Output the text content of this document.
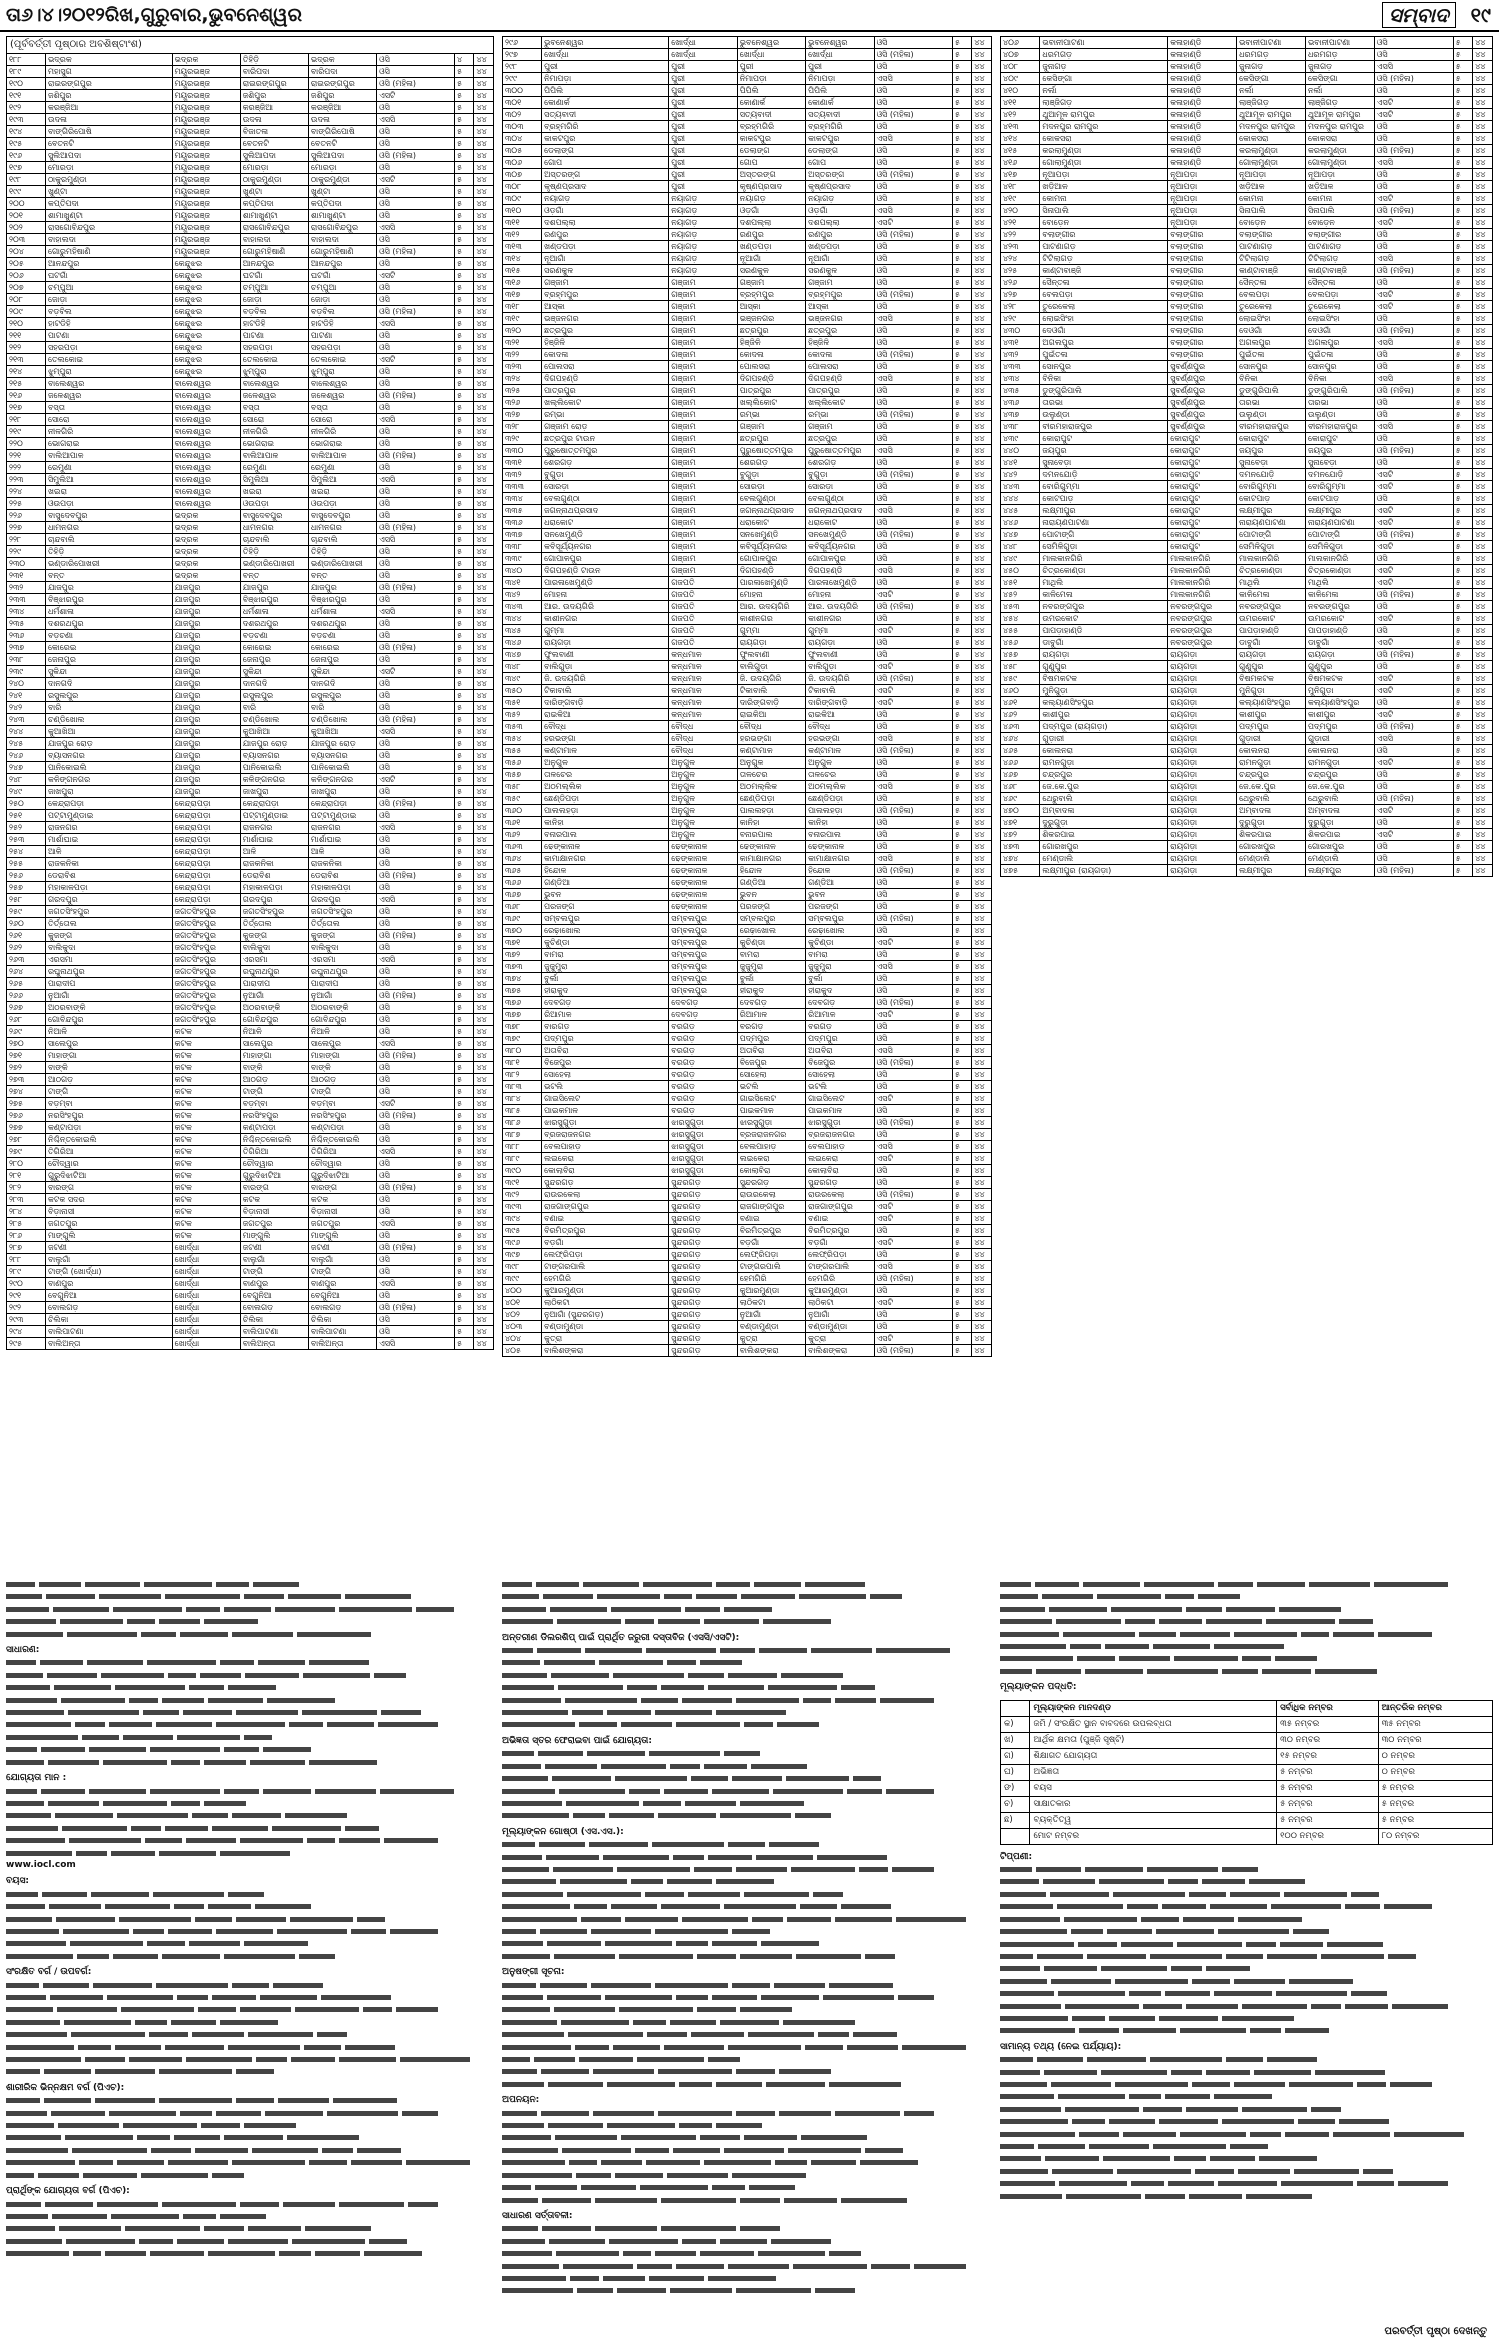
ତା୬।୪।୨୦୧୨ରିଖ,ଗୁରୁବାର,ଭୁବନେଶ୍ୱର	ସମ୍ବାଦ ୧୯
(ପୂର୍ବବର୍ତ୍ତୀ ପୃଷ୍ଠାର ଅବଶିଷ୍ଟାଂଶ)
୧୮୮	ଭଦ୍ରକ	ଭଦ୍ରକ	ତିହିଡ଼ି	ଭଦ୍ରକ	ଓସି	୪	୪୪
୧୮୯	ମହାସୁଗ	ମୟୂରଭଞ୍ଜ	ବାରିପଦା	ବାରିପଦା	ଓସି	୫	୪୪
୧୯୦	ରାଇରଙ୍ଗପୁର	ମୟୂରଭଞ୍ଜ	ରାଇରଙ୍ଗପୁର	ରାଇରଙ୍ଗପୁର	ଓସି (ମହିଳା)	୫	୪୪
୧୯୧	ଜଶିପୁର	ମୟୂରଭଞ୍ଜ	ଜଶିପୁର	ଜଶିପୁର	ଏସଟି	୫	୪୪
୧୯୨	କରଞ୍ଜିଆ	ମୟୂରଭଞ୍ଜ	କରଞ୍ଜିଆ	କରଞ୍ଜିଆ	ଓସି	୫	୪୪
୧୯୩	ଉଦଳା	ମୟୂରଭଞ୍ଜ	ଉଦଳା	ଉଦଳା	ଏସସି	୫	୪୪
୧୯୪	ବାଙ୍ଗିରିପୋଷି	ମୟୂରଭଞ୍ଜ	ବିଜାତଳା	ବାଙ୍ଗିରିପୋଷି	ଓସି	୫	୪୪
୧୯୫	ବେତନଟି	ମୟୂରଭଞ୍ଜ	ବେତନଟି	ବେତନଟି	ଓସି	୫	୪୪
୧୯୬	ସୁଲିଆପଦା	ମୟୂରଭଞ୍ଜ	ସୁଲିଆପଦା	ସୁଲିଆପଦା	ଓସି (ମହିଳା)	୫	୪୪
୧୯୭	ମୋରଡ଼ା	ମୟୂରଭଞ୍ଜ	ମୋରଡ଼ା	ମୋରଡ଼ା	ଓସି	୫	୪୪
୧୯୮	ଠାକୁରମୁଣ୍ଡା	ମୟୂରଭଞ୍ଜ	ଠାକୁରମୁଣ୍ଡା	ଠାକୁରମୁଣ୍ଡା	ଏସଟି	୫	୪୪
୧୯୯	ଖୁଣ୍ଟା	ମୟୂରଭଞ୍ଜ	ଖୁଣ୍ଟା	ଖୁଣ୍ଟା	ଓସି	୫	୪୪
୨୦୦	କପ୍ତିପଦା	ମୟୂରଭଞ୍ଜ	କପ୍ତିପଦା	କପ୍ତିପଦା	ଓସି	୫	୪୪
୨୦୧	ଶାମାଖୁଣ୍ଟା	ମୟୂରଭଞ୍ଜ	ଶାମାଖୁଣ୍ଟା	ଶାମାଖୁଣ୍ଟା	ଓସି	୫	୪୪
୨୦୨	ରାସଗୋବିନ୍ଦପୁର	ମୟୂରଭଞ୍ଜ	ରାସଗୋବିନ୍ଦପୁର	ରାସଗୋବିନ୍ଦପୁର	ଏସସି	୫	୪୪
୨୦୩	ବାହାଲଦା	ମୟୂରଭଞ୍ଜ	ବାହାଲଦା	ବାହାଲଦା	ଓସି	୫	୪୪
୨୦୪	ଗୋରୁମହିଷାଣି	ମୟୂରଭଞ୍ଜ	ଗୋରୁମହିଷାଣି	ଗୋରୁମହିଷାଣି	ଓସି (ମହିଳା)	୫	୪୪
୨୦୫	ଆନନ୍ଦପୁର	କେନ୍ଦୁଝର	ଆନନ୍ଦପୁର	ଆନନ୍ଦପୁର	ଓସି	୫	୪୪
୨୦୬	ଘଟଗାଁ	କେନ୍ଦୁଝର	ଘଟଗାଁ	ଘଟଗାଁ	ଏସଟି	୫	୪୪
୨୦୭	ଚମ୍ପୁଆ	କେନ୍ଦୁଝର	ଚମ୍ପୁଆ	ଚମ୍ପୁଆ	ଓସି	୫	୪୪
୨୦୮	ଜୋଡ଼ା	କେନ୍ଦୁଝର	ଜୋଡ଼ା	ଜୋଡ଼ା	ଓସି	୫	୪୪
୨୦୯	ବଡ଼ବିଲ	କେନ୍ଦୁଝର	ବଡ଼ବିଲ	ବଡ଼ବିଲ	ଓସି (ମହିଳା)	୫	୪୪
୨୧୦	ହାଟଡିହି	କେନ୍ଦୁଝର	ହାଟଡିହି	ହାଟଡିହି	ଏସସି	୫	୪୪
୨୧୧	ପାଟଣା	କେନ୍ଦୁଝର	ପାଟଣା	ପାଟଣା	ଓସି	୫	୪୪
୨୧୨	ସହରପଡ଼ା	କେନ୍ଦୁଝର	ସହରପଡ଼ା	ସହରପଡ଼ା	ଓସି	୫	୪୪
୨୧୩	ତେଲକୋଇ	କେନ୍ଦୁଝର	ତେଲକୋଇ	ତେଲକୋଇ	ଏସଟି	୫	୪୪
୨୧୪	ଝୁମ୍ପୁରା	କେନ୍ଦୁଝର	ଝୁମ୍ପୁରା	ଝୁମ୍ପୁରା	ଓସି	୫	୪୪
୨୧୫	ବାଲେଶ୍ୱର	ବାଲେଶ୍ୱର	ବାଲେଶ୍ୱର	ବାଲେଶ୍ୱର	ଓସି	୫	୪୪
୨୧୬	ଜଳେଶ୍ୱର	ବାଲେଶ୍ୱର	ଜଳେଶ୍ୱର	ଜଳେଶ୍ୱର	ଓସି (ମହିଳା)	୫	୪୪
୨୧୭	ବସ୍ତା	ବାଲେଶ୍ୱର	ବସ୍ତା	ବସ୍ତା	ଓସି	୫	୪୪
୨୧୮	ସୋରୋ	ବାଲେଶ୍ୱର	ସୋରୋ	ସୋରୋ	ଏସସି	୫	୪୪
୨୧୯	ନୀଳଗିରି	ବାଲେଶ୍ୱର	ନୀଳଗିରି	ନୀଳଗିରି	ଓସି	୫	୪୪
୨୨୦	ଭୋଗରାଇ	ବାଲେଶ୍ୱର	ଭୋଗରାଇ	ଭୋଗରାଇ	ଓସି	୫	୪୪
୨୨୧	ବାଲିଆପାଳ	ବାଲେଶ୍ୱର	ବାଲିଆପାଳ	ବାଲିଆପାଳ	ଓସି (ମହିଳା)	୫	୪୪
୨୨୨	ରେମୁଣା	ବାଲେଶ୍ୱର	ରେମୁଣା	ରେମୁଣା	ଓସି	୫	୪୪
୨୨୩	ସିମୁଲିଆ	ବାଲେଶ୍ୱର	ସିମୁଲିଆ	ସିମୁଲିଆ	ଏସସି	୫	୪୪
୨୨୪	ଖଇରା	ବାଲେଶ୍ୱର	ଖଇରା	ଖଇରା	ଓସି	୫	୪୪
୨୨୫	ଓଉପଡ଼ା	ବାଲେଶ୍ୱର	ଓଉପଡ଼ା	ଓଉପଡ଼ା	ଓସି	୫	୪୪
୨୨୬	ବାସୁଦେବପୁର	ଭଦ୍ରକ	ବାସୁଦେବପୁର	ବାସୁଦେବପୁର	ଓସି	୫	୪୪
୨୨୭	ଧାମନଗର	ଭଦ୍ରକ	ଧାମନଗର	ଧାମନଗର	ଓସି (ମହିଳା)	୫	୪୪
୨୨୮	ଚାନ୍ଦବାଲି	ଭଦ୍ରକ	ଚାନ୍ଦବାଲି	ଚାନ୍ଦବାଲି	ଏସସି	୫	୪୪
୨୨୯	ତିହିଡ଼ି	ଭଦ୍ରକ	ତିହିଡ଼ି	ତିହିଡ଼ି	ଓସି	୫	୪୪
୨୩୦	ଭଣ୍ଡାରିପୋଖରୀ	ଭଦ୍ରକ	ଭଣ୍ଡାରିପୋଖରୀ	ଭଣ୍ଡାରିପୋଖରୀ	ଓସି	୫	୪୪
୨୩୧	ବନ୍ତ	ଭଦ୍ରକ	ବନ୍ତ	ବନ୍ତ	ଓସି	୫	୪୪
୨୩୨	ଯାଜପୁର	ଯାଜପୁର	ଯାଜପୁର	ଯାଜପୁର	ଓସି (ମହିଳା)	୫	୪୪
୨୩୩	ବିଞ୍ଝାରପୁର	ଯାଜପୁର	ବିଞ୍ଝାରପୁର	ବିଞ୍ଝାରପୁର	ଓସି	୫	୪୪
୨୩୪	ଧର୍ମଶାଳା	ଯାଜପୁର	ଧର୍ମଶାଳା	ଧର୍ମଶାଳା	ଏସସି	୫	୪୪
୨୩୫	ଦଶରଥପୁର	ଯାଜପୁର	ଦଶରଥପୁର	ଦଶରଥପୁର	ଓସି	୫	୪୪
୨୩୬	ବଡ଼ଚଣା	ଯାଜପୁର	ବଡ଼ଚଣା	ବଡ଼ଚଣା	ଓସି	୫	୪୪
୨୩୭	କୋରେଇ	ଯାଜପୁର	କୋରେଇ	କୋରେଇ	ଓସି (ମହିଳା)	୫	୪୪
୨୩୮	ଜେନାପୁର	ଯାଜପୁର	ଜେନାପୁର	ଜେନାପୁର	ଓସି	୫	୪୪
୨୩୯	ସୁକିନ୍ଦା	ଯାଜପୁର	ସୁକିନ୍ଦା	ସୁକିନ୍ଦା	ଏସଟି	୫	୪୪
୨୪୦	ଦାନଗଦି	ଯାଜପୁର	ଦାନଗଦି	ଦାନଗଦି	ଓସି	୫	୪୪
୨୪୧	ରସୁଲପୁର	ଯାଜପୁର	ରସୁଲପୁର	ରସୁଲପୁର	ଓସି	୫	୪୪
୨୪୨	ବାରି	ଯାଜପୁର	ବାରି	ବାରି	ଓସି	୫	୪୪
୨୪୩	ଚଣ୍ଡିଖୋଲ	ଯାଜପୁର	ଚଣ୍ଡିଖୋଲ	ଚଣ୍ଡିଖୋଲ	ଓସି (ମହିଳା)	୫	୪୪
୨୪୪	କୁଆଖିଆ	ଯାଜପୁର	କୁଆଖିଆ	କୁଆଖିଆ	ଏସସି	୫	୪୪
୨୪୫	ଯାଜପୁର ରୋଡ଼	ଯାଜପୁର	ଯାଜପୁର ରୋଡ଼	ଯାଜପୁର ରୋଡ଼	ଓସି	୫	୪୪
୨୪୬	ବ୍ୟାସନଗର	ଯାଜପୁର	ବ୍ୟାସନଗର	ବ୍ୟାସନଗର	ଓସି	୫	୪୪
୨୪୭	ପାନିକୋଇଲି	ଯାଜପୁର	ପାନିକୋଇଲି	ପାନିକୋଇଲି	ଓସି	୫	୪୪
୨୪୮	କଳିଙ୍ଗନଗର	ଯାଜପୁର	କଳିଙ୍ଗନଗର	କଳିଙ୍ଗନଗର	ଏସଟି	୫	୪୪
୨୪୯	ଜାଖପୁରା	ଯାଜପୁର	ଜାଖପୁରା	ଜାଖପୁରା	ଓସି	୫	୪୪
୨୫୦	କେନ୍ଦ୍ରାପଡ଼ା	କେନ୍ଦ୍ରାପଡ଼ା	କେନ୍ଦ୍ରାପଡ଼ା	କେନ୍ଦ୍ରାପଡ଼ା	ଓସି (ମହିଳା)	୫	୪୪
୨୫୧	ପଟ୍ଟାମୁଣ୍ଡାଇ	କେନ୍ଦ୍ରାପଡ଼ା	ପଟ୍ଟାମୁଣ୍ଡାଇ	ପଟ୍ଟାମୁଣ୍ଡାଇ	ଓସି	୫	୪୪
୨୫୨	ରାଜନଗର	କେନ୍ଦ୍ରାପଡ଼ା	ରାଜନଗର	ରାଜନଗର	ଏସସି	୫	୪୪
୨୫୩	ମାର୍ଶାଘାଇ	କେନ୍ଦ୍ରାପଡ଼ା	ମାର୍ଶାଘାଇ	ମାର୍ଶାଘାଇ	ଓସି	୫	୪୪
୨୫୪	ଆଳି	କେନ୍ଦ୍ରାପଡ଼ା	ଆଳି	ଆଳି	ଓସି	୫	୪୪
୨୫୫	ରାଜକନିକା	କେନ୍ଦ୍ରାପଡ଼ା	ରାଜକନିକା	ରାଜକନିକା	ଓସି	୫	୪୪
୨୫୬	ଡେରାବିଶ	କେନ୍ଦ୍ରାପଡ଼ା	ଡେରାବିଶ	ଡେରାବିଶ	ଓସି (ମହିଳା)	୫	୪୪
୨୫୭	ମହାକାଳପଡ଼ା	କେନ୍ଦ୍ରାପଡ଼ା	ମହାକାଳପଡ଼ା	ମହାକାଳପଡ଼ା	ଓସି	୫	୪୪
୨୫୮	ଗରଦପୁର	କେନ୍ଦ୍ରାପଡ଼ା	ଗରଦପୁର	ଗରଦପୁର	ଏସସି	୫	୪୪
୨୫୯	ଜଗତସିଂହପୁର	ଜଗତସିଂହପୁର	ଜଗତସିଂହପୁର	ଜଗତସିଂହପୁର	ଓସି	୫	୪୪
୨୬୦	ତିର୍ତ୍ତୋଲ	ଜଗତସିଂହପୁର	ତିର୍ତ୍ତୋଲ	ତିର୍ତ୍ତୋଲ	ଓସି	୫	୪୪
୨୬୧	କୁଜଙ୍ଗ	ଜଗତସିଂହପୁର	କୁଜଙ୍ଗ	କୁଜଙ୍ଗ	ଓସି (ମହିଳା)	୫	୪୪
୨୬୨	ବାଲିକୁଦା	ଜଗତସିଂହପୁର	ବାଲିକୁଦା	ବାଲିକୁଦା	ଓସି	୫	୪୪
୨୬୩	ଏରସମା	ଜଗତସିଂହପୁର	ଏରସମା	ଏରସମା	ଏସସି	୫	୪୪
୨୬୪	ରଘୁନାଥପୁର	ଜଗତସିଂହପୁର	ରଘୁନାଥପୁର	ରଘୁନାଥପୁର	ଓସି	୫	୪୪
୨୬୫	ପାରାଦୀପ	ଜଗତସିଂହପୁର	ପାରାଦୀପ	ପାରାଦୀପ	ଓସି	୫	୪୪
୨୬୬	ନୁଆଗାଁ	ଜଗତସିଂହପୁର	ନୁଆଗାଁ	ନୁଆଗାଁ	ଓସି (ମହିଳା)	୫	୪୪
୨୬୭	ଅଠରବାଙ୍କି	ଜଗତସିଂହପୁର	ଅଠରବାଙ୍କି	ଅଠରବାଙ୍କି	ଓସି	୫	୪୪
୨୬୮	ଗୋବିନ୍ଦପୁର	ଜଗତସିଂହପୁର	ଗୋବିନ୍ଦପୁର	ଗୋବିନ୍ଦପୁର	ଓସି	୫	୪୪
୨୬୯	ନିଆଳି	କଟକ	ନିଆଳି	ନିଆଳି	ଓସି	୫	୪୪
୨୭୦	ସାଲେପୁର	କଟକ	ସାଲେପୁର	ସାଲେପୁର	ଏସସି	୫	୪୪
୨୭୧	ମାହାଙ୍ଗା	କଟକ	ମାହାଙ୍ଗା	ମାହାଙ୍ଗା	ଓସି (ମହିଳା)	୫	୪୪
୨୭୨	ବାଙ୍କି	କଟକ	ବାଙ୍କି	ବାଙ୍କି	ଓସି	୫	୪୪
୨୭୩	ଆଠଗଡ଼	କଟକ	ଆଠଗଡ଼	ଆଠଗଡ଼	ଓସି	୫	୪୪
୨୭୪	ଟାଙ୍ଗି	କଟକ	ଟାଙ୍ଗି	ଟାଙ୍ଗି	ଓସି	୫	୪୪
୨୭୫	ବଡ଼ମ୍ବା	କଟକ	ବଡ଼ମ୍ବା	ବଡ଼ମ୍ବା	ଏସଟି	୫	୪୪
୨୭୬	ନରସିଂହପୁର	କଟକ	ନରସିଂହପୁର	ନରସିଂହପୁର	ଓସି (ମହିଳା)	୫	୪୪
୨୭୭	କଣ୍ଟାପଡ଼ା	କଟକ	କଣ୍ଟାପଡ଼ା	କଣ୍ଟାପଡ଼ା	ଓସି	୫	୪୪
୨୭୮	ନିଶ୍ଚିନ୍ତକୋଇଲି	କଟକ	ନିଶ୍ଚିନ୍ତକୋଇଲି	ନିଶ୍ଚିନ୍ତକୋଇଲି	ଓସି	୫	୪୪
୨୭୯	ତିଗିରିଆ	କଟକ	ତିଗିରିଆ	ତିଗିରିଆ	ଏସସି	୫	୪୪
୨୮୦	ଚୌଦ୍ୱାର	କଟକ	ଚୌଦ୍ୱାର	ଚୌଦ୍ୱାର	ଓସି	୫	୪୪
୨୮୧	ଗୁରୁଦିଝାଟିଆ	କଟକ	ଗୁରୁଦିଝାଟିଆ	ଗୁରୁଦିଝାଟିଆ	ଓସି	୫	୪୪
୨୮୨	ବାରଙ୍ଗ	କଟକ	ବାରଙ୍ଗ	ବାରଙ୍ଗ	ଓସି (ମହିଳା)	୫	୪୪
୨୮୩	କଟକ ସଦର	କଟକ	କଟକ	କଟକ	ଓସି	୫	୪୪
୨୮୪	ବିଡ଼ାନାସୀ	କଟକ	ବିଡ଼ାନାସୀ	ବିଡ଼ାନାସୀ	ଓସି	୫	୪୪
୨୮୫	ଜଗତପୁର	କଟକ	ଜଗତପୁର	ଜଗତପୁର	ଏସସି	୫	୪୪
୨୮୬	ମାଙ୍ଗୁଲି	କଟକ	ମାଙ୍ଗୁଲି	ମାଙ୍ଗୁଲି	ଓସି	୫	୪୪
୨୮୭	ଜଟଣୀ	ଖୋର୍ଦ୍ଧା	ଜଟଣୀ	ଜଟଣୀ	ଓସି (ମହିଳା)	୫	୪୪
୨୮୮	ବାଲୁଗାଁ	ଖୋର୍ଦ୍ଧା	ବାଲୁଗାଁ	ବାଲୁଗାଁ	ଓସି	୫	୪୪
୨୮୯	ଟାଙ୍ଗି (ଖୋର୍ଦ୍ଧା)	ଖୋର୍ଦ୍ଧା	ଟାଙ୍ଗି	ଟାଙ୍ଗି	ଓସି	୫	୪୪
୨୯୦	ବାଣପୁର	ଖୋର୍ଦ୍ଧା	ବାଣପୁର	ବାଣପୁର	ଏସସି	୫	୪୪
୨୯୧	ବେଗୁନିଆ	ଖୋର୍ଦ୍ଧା	ବେଗୁନିଆ	ବେଗୁନିଆ	ଓସି	୫	୪୪
୨୯୨	ବୋଲଗଡ଼	ଖୋର୍ଦ୍ଧା	ବୋଲଗଡ଼	ବୋଲଗଡ଼	ଓସି (ମହିଳା)	୫	୪୪
୨୯୩	ଚିଲିକା	ଖୋର୍ଦ୍ଧା	ଚିଲିକା	ଚିଲିକା	ଓସି	୫	୪୪
୨୯୪	ବାଲିପାଟଣା	ଖୋର୍ଦ୍ଧା	ବାଲିପାଟଣା	ବାଲିପାଟଣା	ଓସି	୫	୪୪
୨୯୫	ବାଲିଅନ୍ତା	ଖୋର୍ଦ୍ଧା	ବାଲିଅନ୍ତା	ବାଲିଅନ୍ତା	ଏସସି	୫	୪୪
୨୯୬	ଭୁବନେଶ୍ୱର	ଖୋର୍ଦ୍ଧା	ଭୁବନେଶ୍ୱର	ଭୁବନେଶ୍ୱର	ଓସି	୫	୪୪
୨୯୭	ଖୋର୍ଦ୍ଧା	ଖୋର୍ଦ୍ଧା	ଖୋର୍ଦ୍ଧା	ଖୋର୍ଦ୍ଧା	ଓସି (ମହିଳା)	୫	୪୪
୨୯୮	ପୁରୀ	ପୁରୀ	ପୁରୀ	ପୁରୀ	ଓସି	୫	୪୪
୨୯୯	ନିମାପଡ଼ା	ପୁରୀ	ନିମାପଡ଼ା	ନିମାପଡ଼ା	ଏସସି	୫	୪୪
୩୦୦	ପିପିଲି	ପୁରୀ	ପିପିଲି	ପିପିଲି	ଓସି	୫	୪୪
୩୦୧	କୋଣାର୍କ	ପୁରୀ	କୋଣାର୍କ	କୋଣାର୍କ	ଓସି	୫	୪୪
୩୦୨	ସତ୍ୟବାଦୀ	ପୁରୀ	ସତ୍ୟବାଦୀ	ସତ୍ୟବାଦୀ	ଓସି (ମହିଳା)	୫	୪୪
୩୦୩	ବ୍ରହ୍ମଗିରି	ପୁରୀ	ବ୍ରହ୍ମଗିରି	ବ୍ରହ୍ମଗିରି	ଓସି	୫	୪୪
୩୦୪	କାକଟପୁର	ପୁରୀ	କାକଟପୁର	କାକଟପୁର	ଏସସି	୫	୪୪
୩୦୫	ଡେଲାଙ୍ଗ	ପୁରୀ	ଡେଲାଙ୍ଗ	ଡେଲାଙ୍ଗ	ଓସି	୫	୪୪
୩୦୬	ଗୋପ	ପୁରୀ	ଗୋପ	ଗୋପ	ଓସି	୫	୪୪
୩୦୭	ଅସ୍ତରଙ୍ଗ	ପୁରୀ	ଅସ୍ତରଙ୍ଗ	ଅସ୍ତରଙ୍ଗ	ଓସି (ମହିଳା)	୫	୪୪
୩୦୮	କୃଷ୍ଣପ୍ରସାଦ	ପୁରୀ	କୃଷ୍ଣପ୍ରସାଦ	କୃଷ୍ଣପ୍ରସାଦ	ଓସି	୫	୪୪
୩୦୯	ନୟାଗଡ଼	ନୟାଗଡ଼	ନୟାଗଡ଼	ନୟାଗଡ଼	ଓସି	୫	୪୪
୩୧୦	ଓଡ଼ଗାଁ	ନୟାଗଡ଼	ଓଡ଼ଗାଁ	ଓଡ଼ଗାଁ	ଏସସି	୫	୪୪
୩୧୧	ଦଶପଲ୍ଲା	ନୟାଗଡ଼	ଦଶପଲ୍ଲା	ଦଶପଲ୍ଲା	ଏସଟି	୫	୪୪
୩୧୨	ରଣପୁର	ନୟାଗଡ଼	ରଣପୁର	ରଣପୁର	ଓସି (ମହିଳା)	୫	୪୪
୩୧୩	ଖଣ୍ଡପଡ଼ା	ନୟାଗଡ଼	ଖଣ୍ଡପଡ଼ା	ଖଣ୍ଡପଡ଼ା	ଓସି	୫	୪୪
୩୧୪	ନୂଆଗାଁ	ନୟାଗଡ଼	ନୂଆଗାଁ	ନୂଆଗାଁ	ଓସି	୫	୪୪
୩୧୫	ସରଣକୁଳ	ନୟାଗଡ଼	ସରଣକୁଳ	ସରଣକୁଳ	ଓସି	୫	୪୪
୩୧୬	ଗଞ୍ଜାମ	ଗଞ୍ଜାମ	ଗଞ୍ଜାମ	ଗଞ୍ଜାମ	ଓସି	୫	୪୪
୩୧୭	ବ୍ରହ୍ମପୁର	ଗଞ୍ଜାମ	ବ୍ରହ୍ମପୁର	ବ୍ରହ୍ମପୁର	ଓସି (ମହିଳା)	୫	୪୪
୩୧୮	ଆସ୍କା	ଗଞ୍ଜାମ	ଆସ୍କା	ଆସ୍କା	ଓସି	୫	୪୪
୩୧୯	ଭଞ୍ଜନଗର	ଗଞ୍ଜାମ	ଭଞ୍ଜନଗର	ଭଞ୍ଜନଗର	ଏସସି	୫	୪୪
୩୨୦	ଛତ୍ରପୁର	ଗଞ୍ଜାମ	ଛତ୍ରପୁର	ଛତ୍ରପୁର	ଓସି	୫	୪୪
୩୨୧	ହିଞ୍ଜିଳି	ଗଞ୍ଜାମ	ହିଞ୍ଜିଳି	ହିଞ୍ଜିଳି	ଓସି	୫	୪୪
୩୨୨	କୋଦଳା	ଗଞ୍ଜାମ	କୋଦଳା	କୋଦଳା	ଓସି (ମହିଳା)	୫	୪୪
୩୨୩	ପୋଲସରା	ଗଞ୍ଜାମ	ପୋଲସରା	ପୋଲସରା	ଓସି	୫	୪୪
୩୨୪	ଦିଗପହଣ୍ଡି	ଗଞ୍ଜାମ	ଦିଗପହଣ୍ଡି	ଦିଗପହଣ୍ଡି	ଏସସି	୫	୪୪
୩୨୫	ପାତ୍ରପୁର	ଗଞ୍ଜାମ	ପାତ୍ରପୁର	ପାତ୍ରପୁର	ଓସି	୫	୪୪
୩୨୬	ଖଲ୍ଲିକୋଟ	ଗଞ୍ଜାମ	ଖଲ୍ଲିକୋଟ	ଖଲ୍ଲିକୋଟ	ଓସି	୫	୪୪
୩୨୭	ରମ୍ଭା	ଗଞ୍ଜାମ	ରମ୍ଭା	ରମ୍ଭା	ଓସି (ମହିଳା)	୫	୪୪
୩୨୮	ଗଞ୍ଜାମ ରୋଡ଼	ଗଞ୍ଜାମ	ଗଞ୍ଜାମ	ଗଞ୍ଜାମ	ଓସି	୫	୪୪
୩୨୯	ଛତ୍ରପୁର ଟାଉନ	ଗଞ୍ଜାମ	ଛତ୍ରପୁର	ଛତ୍ରପୁର	ଓସି	୫	୪୪
୩୩୦	ପୁରୁଷୋତ୍ତମପୁର	ଗଞ୍ଜାମ	ପୁରୁଷୋତ୍ତମପୁର	ପୁରୁଷୋତ୍ତମପୁର	ଏସସି	୫	୪୪
୩୩୧	ଶେରଗଡ଼	ଗଞ୍ଜାମ	ଶେରଗଡ଼	ଶେରଗଡ଼	ଓସି	୫	୪୪
୩୩୨	ବୁଗୁଡ଼ା	ଗଞ୍ଜାମ	ବୁଗୁଡ଼ା	ବୁଗୁଡ଼ା	ଓସି (ମହିଳା)	୫	୪୪
୩୩୩	ସୋରଡ଼ା	ଗଞ୍ଜାମ	ସୋରଡ଼ା	ସୋରଡ଼ା	ଓସି	୫	୪୪
୩୩୪	ବେଲଗୁଣ୍ଠା	ଗଞ୍ଜାମ	ବେଲଗୁଣ୍ଠା	ବେଲଗୁଣ୍ଠା	ଓସି	୫	୪୪
୩୩୫	ଜଗନ୍ନାଥପ୍ରସାଦ	ଗଞ୍ଜାମ	ଜଗନ୍ନାଥପ୍ରସାଦ	ଜଗନ୍ନାଥପ୍ରସାଦ	ଏସସି	୫	୪୪
୩୩୬	ଧରାକୋଟ	ଗଞ୍ଜାମ	ଧରାକୋଟ	ଧରାକୋଟ	ଓସି	୫	୪୪
୩୩୭	ସନଖେମୁଣ୍ଡି	ଗଞ୍ଜାମ	ସନଖେମୁଣ୍ଡି	ସନଖେମୁଣ୍ଡି	ଓସି (ମହିଳା)	୫	୪୪
୩୩୮	କବିସୂର୍ଯ୍ୟନଗର	ଗଞ୍ଜାମ	କବିସୂର୍ଯ୍ୟନଗର	କବିସୂର୍ଯ୍ୟନଗର	ଓସି	୫	୪୪
୩୩୯	ଗୋପାଳପୁର	ଗଞ୍ଜାମ	ଗୋପାଳପୁର	ଗୋପାଳପୁର	ଓସି	୫	୪୪
୩୪୦	ଦିଗପହଣ୍ଡି ଟାଉନ	ଗଞ୍ଜାମ	ଦିଗପହଣ୍ଡି	ଦିଗପହଣ୍ଡି	ଏସସି	୫	୪୪
୩୪୧	ପାରଳାଖେମୁଣ୍ଡି	ଗଜପତି	ପାରଳାଖେମୁଣ୍ଡି	ପାରଳାଖେମୁଣ୍ଡି	ଓସି	୫	୪୪
୩୪୨	ମୋହନା	ଗଜପତି	ମୋହନା	ମୋହନା	ଏସଟି	୫	୪୪
୩୪୩	ଆର. ଉଦୟଗିରି	ଗଜପତି	ଆର. ଉଦୟଗିରି	ଆର. ଉଦୟଗିରି	ଓସି (ମହିଳା)	୫	୪୪
୩୪୪	କାଶୀନଗର	ଗଜପତି	କାଶୀନଗର	କାଶୀନଗର	ଓସି	୫	୪୪
୩୪୫	ଗୁମ୍ମା	ଗଜପତି	ଗୁମ୍ମା	ଗୁମ୍ମା	ଏସଟି	୫	୪୪
୩୪୬	ରାୟଗଡ଼ା	ଗଜପତି	ରାୟଗଡ଼ା	ରାୟଗଡ଼ା	ଓସି	୫	୪୪
୩୪୭	ଫୁଲବାଣୀ	କନ୍ଧମାଳ	ଫୁଲବାଣୀ	ଫୁଲବାଣୀ	ଓସି	୫	୪୪
୩୪୮	ବାଲିଗୁଡ଼ା	କନ୍ଧମାଳ	ବାଲିଗୁଡ଼ା	ବାଲିଗୁଡ଼ା	ଏସଟି	୫	୪୪
୩୪୯	ଜି. ଉଦୟଗିରି	କନ୍ଧମାଳ	ଜି. ଉଦୟଗିରି	ଜି. ଉଦୟଗିରି	ଓସି (ମହିଳା)	୫	୪୪
୩୫୦	ଟିକାବାଲି	କନ୍ଧମାଳ	ଟିକାବାଲି	ଟିକାବାଲି	ଏସଟି	୫	୪୪
୩୫୧	ଦାରିଙ୍ଗବାଡ଼ି	କନ୍ଧମାଳ	ଦାରିଙ୍ଗବାଡ଼ି	ଦାରିଙ୍ଗବାଡ଼ି	ଏସଟି	୫	୪୪
୩୫୨	ରାଇକିଆ	କନ୍ଧମାଳ	ରାଇକିଆ	ରାଇକିଆ	ଓସି	୫	୪୪
୩୫୩	ବୌଦ୍ଧ	ବୌଦ୍ଧ	ବୌଦ୍ଧ	ବୌଦ୍ଧ	ଓସି	୫	୪୪
୩୫୪	ହରଭଙ୍ଗା	ବୌଦ୍ଧ	ହରଭଙ୍ଗା	ହରଭଙ୍ଗା	ଏସସି	୫	୪୪
୩୫୫	କଣ୍ଟାମାଳ	ବୌଦ୍ଧ	କଣ୍ଟାମାଳ	କଣ୍ଟାମାଳ	ଓସି (ମହିଳା)	୫	୪୪
୩୫୬	ଅନୁଗୁଳ	ଅନୁଗୁଳ	ଅନୁଗୁଳ	ଅନୁଗୁଳ	ଓସି	୫	୪୪
୩୫୭	ତାଳଚେର	ଅନୁଗୁଳ	ତାଳଚେର	ତାଳଚେର	ଓସି	୫	୪୪
୩୫୮	ଅଠମଲ୍ଲିକ	ଅନୁଗୁଳ	ଅଠମଲ୍ଲିକ	ଅଠମଲ୍ଲିକ	ଏସସି	୫	୪୪
୩୫୯	ଛେଣ୍ଡିପଡ଼ା	ଅନୁଗୁଳ	ଛେଣ୍ଡିପଡ଼ା	ଛେଣ୍ଡିପଡ଼ା	ଓସି	୫	୪୪
୩୬୦	ପାଲଲହଡ଼ା	ଅନୁଗୁଳ	ପାଲଲହଡ଼ା	ପାଲଲହଡ଼ା	ଓସି (ମହିଳା)	୫	୪୪
୩୬୧	କାନିହା	ଅନୁଗୁଳ	କାନିହା	କାନିହା	ଓସି	୫	୪୪
୩୬୨	ବନାରପାଲ	ଅନୁଗୁଳ	ବନାରପାଲ	ବନାରପାଲ	ଓସି	୫	୪୪
୩୬୩	ଢେଙ୍କାନାଳ	ଢେଙ୍କାନାଳ	ଢେଙ୍କାନାଳ	ଢେଙ୍କାନାଳ	ଓସି	୫	୪୪
୩୬୪	କାମାକ୍ଷାନଗର	ଢେଙ୍କାନାଳ	କାମାକ୍ଷାନଗର	କାମାକ୍ଷାନଗର	ଏସସି	୫	୪୪
୩୬୫	ହିନ୍ଦୋଳ	ଢେଙ୍କାନାଳ	ହିନ୍ଦୋଳ	ହିନ୍ଦୋଳ	ଓସି (ମହିଳା)	୫	୪୪
୩୬୬	ଗଣ୍ଡିଆ	ଢେଙ୍କାନାଳ	ଗଣ୍ଡିଆ	ଗଣ୍ଡିଆ	ଓସି	୫	୪୪
୩୬୭	ଭୁବନ	ଢେଙ୍କାନାଳ	ଭୁବନ	ଭୁବନ	ଓସି	୫	୪୪
୩୬୮	ପରଜଙ୍ଗ	ଢେଙ୍କାନାଳ	ପରଜଙ୍ଗ	ପରଜଙ୍ଗ	ଓସି	୫	୪୪
୩୬୯	ସମ୍ବଲପୁର	ସମ୍ବଲପୁର	ସମ୍ବଲପୁର	ସମ୍ବଲପୁର	ଓସି (ମହିଳା)	୫	୪୪
୩୭୦	ରେଢ଼ାଖୋଲ	ସମ୍ବଲପୁର	ରେଢ଼ାଖୋଲ	ରେଢ଼ାଖୋଲ	ଓସି	୫	୪୪
୩୭୧	କୁଚିଣ୍ଡା	ସମ୍ବଲପୁର	କୁଚିଣ୍ଡା	କୁଚିଣ୍ଡା	ଏସଟି	୫	୪୪
୩୭୨	ବାମରା	ସମ୍ବଲପୁର	ବାମରା	ବାମରା	ଓସି	୫	୪୪
୩୭୩	ଜୁଜୁମୁରା	ସମ୍ବଲପୁର	ଜୁଜୁମୁରା	ଜୁଜୁମୁରା	ଏସସି	୫	୪୪
୩୭୪	ବୁର୍ଲା	ସମ୍ବଲପୁର	ବୁର୍ଲା	ବୁର୍ଲା	ଓସି	୫	୪୪
୩୭୫	ହୀରାକୁଦ	ସମ୍ବଲପୁର	ହୀରାକୁଦ	ହୀରାକୁଦ	ଓସି	୫	୪୪
୩୭୬	ଦେବଗଡ଼	ଦେବଗଡ଼	ଦେବଗଡ଼	ଦେବଗଡ଼	ଓସି (ମହିଳା)	୫	୪୪
୩୭୭	ରିଆମାଳ	ଦେବଗଡ଼	ରିଆମାଳ	ରିଆମାଳ	ଏସଟି	୫	୪୪
୩୭୮	ବାରଗଡ଼	ବରଗଡ଼	ବରଗଡ଼	ବରଗଡ଼	ଓସି	୫	୪୪
୩୭୯	ପଦ୍ମପୁର	ବରଗଡ଼	ପଦ୍ମପୁର	ପଦ୍ମପୁର	ଓସି	୫	୪୪
୩୮୦	ଅତାବିରା	ବରଗଡ଼	ଅତାବିରା	ଅତାବିରା	ଏସସି	୫	୪୪
୩୮୧	ବିଜେପୁର	ବରଗଡ଼	ବିଜେପୁର	ବିଜେପୁର	ଓସି (ମହିଳା)	୫	୪୪
୩୮୨	ସୋହେଲା	ବରଗଡ଼	ସୋହେଲା	ସୋହେଲା	ଓସି	୫	୪୪
୩୮୩	ଭଟଲି	ବରଗଡ଼	ଭଟଲି	ଭଟଲି	ଓସି	୫	୪୪
୩୮୪	ଗାଇସିଲେଟ	ବରଗଡ଼	ଗାଇସିଲେଟ	ଗାଇସିଲେଟ	ଏସଟି	୫	୪୪
୩୮୫	ପାଇକମାଳ	ବରଗଡ଼	ପାଇକମାଳ	ପାଇକମାଳ	ଓସି	୫	୪୪
୩୮୬	ଝାରସୁଗୁଡ଼ା	ଝାରସୁଗୁଡ଼ା	ଝାରସୁଗୁଡ଼ା	ଝାରସୁଗୁଡ଼ା	ଓସି (ମହିଳା)	୫	୪୪
୩୮୭	ବ୍ରଜରାଜନଗର	ଝାରସୁଗୁଡ଼ା	ବ୍ରଜରାଜନଗର	ବ୍ରଜରାଜନଗର	ଓସି	୫	୪୪
୩୮୮	ବେଲପାହାଡ଼	ଝାରସୁଗୁଡ଼ା	ବେଲପାହାଡ଼	ବେଲପାହାଡ଼	ଏସସି	୫	୪୪
୩୮୯	ଲଇକେରା	ଝାରସୁଗୁଡ଼ା	ଲଇକେରା	ଲଇକେରା	ଏସଟି	୫	୪୪
୩୯୦	କୋଲାବିରା	ଝାରସୁଗୁଡ଼ା	କୋଲାବିରା	କୋଲାବିରା	ଓସି	୫	୪୪
୩୯୧	ସୁନ୍ଦରଗଡ଼	ସୁନ୍ଦରଗଡ଼	ସୁନ୍ଦରଗଡ଼	ସୁନ୍ଦରଗଡ଼	ଓସି	୫	୪୪
୩୯୨	ରାଉରକେଲା	ସୁନ୍ଦରଗଡ଼	ରାଉରକେଲା	ରାଉରକେଲା	ଓସି (ମହିଳା)	୫	୪୪
୩୯୩	ରାଜଗାଙ୍ଗପୁର	ସୁନ୍ଦରଗଡ଼	ରାଜଗାଙ୍ଗପୁର	ରାଜଗାଙ୍ଗପୁର	ଏସଟି	୫	୪୪
୩୯୪	ବଣାଇ	ସୁନ୍ଦରଗଡ଼	ବଣାଇ	ବଣାଇ	ଏସଟି	୫	୪୪
୩୯୫	ବିରମିତ୍ରପୁର	ସୁନ୍ଦରଗଡ଼	ବିରମିତ୍ରପୁର	ବିରମିତ୍ରପୁର	ଓସି	୫	୪୪
୩୯୬	ବଡ଼ଗାଁ	ସୁନ୍ଦରଗଡ଼	ବଡ଼ଗାଁ	ବଡ଼ଗାଁ	ଏସଟି	୫	୪୪
୩୯୭	ଲେଫ୍ରିପଡ଼ା	ସୁନ୍ଦରଗଡ଼	ଲେଫ୍ରିପଡ଼ା	ଲେଫ୍ରିପଡ଼ା	ଓସି	୫	୪୪
୩୯୮	ଟାଙ୍ଗରପାଲି	ସୁନ୍ଦରଗଡ଼	ଟାଙ୍ଗରପାଲି	ଟାଙ୍ଗରପାଲି	ଏସସି	୫	୪୪
୩୯୯	ହେମଗିରି	ସୁନ୍ଦରଗଡ଼	ହେମଗିରି	ହେମଗିରି	ଓସି (ମହିଳା)	୫	୪୪
୪୦୦	କୁଆରମୁଣ୍ଡା	ସୁନ୍ଦରଗଡ଼	କୁଆରମୁଣ୍ଡା	କୁଆରମୁଣ୍ଡା	ଓସି	୫	୪୪
୪୦୧	ଲାଠିକଟା	ସୁନ୍ଦରଗଡ଼	ଲାଠିକଟା	ଲାଠିକଟା	ଏସଟି	୫	୪୪
୪୦୨	ନୁଆଗାଁ (ସୁନ୍ଦରଗଡ଼)	ସୁନ୍ଦରଗଡ଼	ନୁଆଗାଁ	ନୁଆଗାଁ	ଓସି	୫	୪୪
୪୦୩	ବଣ୍ଡାମୁଣ୍ଡା	ସୁନ୍ଦରଗଡ଼	ବଣ୍ଡାମୁଣ୍ଡା	ବଣ୍ଡାମୁଣ୍ଡା	ଓସି	୫	୪୪
୪୦୪	କୁତ୍ରା	ସୁନ୍ଦରଗଡ଼	କୁତ୍ରା	କୁତ୍ରା	ଏସଟି	୫	୪୪
୪୦୫	ବାଲିଶଙ୍କରା	ସୁନ୍ଦରଗଡ଼	ବାଲିଶଙ୍କରା	ବାଲିଶଙ୍କରା	ଓସି (ମହିଳା)	୫	୪୪
୪୦୬	ଭବାନୀପାଟଣା	କଳାହାଣ୍ଡି	ଭବାନୀପାଟଣା	ଭବାନୀପାଟଣା	ଓସି	୫	୪୪
୪୦୭	ଧରମଗଡ଼	କଳାହାଣ୍ଡି	ଧରମଗଡ଼	ଧରମଗଡ଼	ଓସି	୫	୪୪
୪୦୮	ଜୁନାଗଡ଼	କଳାହାଣ୍ଡି	ଜୁନାଗଡ଼	ଜୁନାଗଡ଼	ଏସସି	୫	୪୪
୪୦୯	କେସିଙ୍ଗା	କଳାହାଣ୍ଡି	କେସିଙ୍ଗା	କେସିଙ୍ଗା	ଓସି (ମହିଳା)	୫	୪୪
୪୧୦	ନର୍ଲା	କଳାହାଣ୍ଡି	ନର୍ଲା	ନର୍ଲା	ଓସି	୫	୪୪
୪୧୧	ଲାଞ୍ଜିଗଡ଼	କଳାହାଣ୍ଡି	ଲାଞ୍ଜିଗଡ଼	ଲାଞ୍ଜିଗଡ଼	ଏସଟି	୫	୪୪
୪୧୨	ଥୁଆମୂଳ ରାମପୁର	କଳାହାଣ୍ଡି	ଥୁଆମୂଳ ରାମପୁର	ଥୁଆମୂଳ ରାମପୁର	ଏସଟି	୫	୪୪
୪୧୩	ମଦନପୁର ରାମପୁର	କଳାହାଣ୍ଡି	ମଦନପୁର ରାମପୁର	ମଦନପୁର ରାମପୁର	ଓସି	୫	୪୪
୪୧୪	କୋକସରା	କଳାହାଣ୍ଡି	କୋକସରା	କୋକସରା	ଓସି	୫	୪୪
୪୧୫	କରଲାମୁଣ୍ଡା	କଳାହାଣ୍ଡି	କରଲାମୁଣ୍ଡା	କରଲାମୁଣ୍ଡା	ଓସି (ମହିଳା)	୫	୪୪
୪୧୬	ଗୋଲାମୁଣ୍ଡା	କଳାହାଣ୍ଡି	ଗୋଲାମୁଣ୍ଡା	ଗୋଲାମୁଣ୍ଡା	ଏସସି	୫	୪୪
୪୧୭	ନୂଆପଡ଼ା	ନୂଆପଡ଼ା	ନୂଆପଡ଼ା	ନୂଆପଡ଼ା	ଓସି	୫	୪୪
୪୧୮	ଖଡ଼ିଆଳ	ନୂଆପଡ଼ା	ଖଡ଼ିଆଳ	ଖଡ଼ିଆଳ	ଓସି	୫	୪୪
୪୧୯	କୋମନା	ନୂଆପଡ଼ା	କୋମନା	କୋମନା	ଏସଟି	୫	୪୪
୪୨୦	ସିନାପାଲି	ନୂଆପଡ଼ା	ସିନାପାଲି	ସିନାପାଲି	ଓସି (ମହିଳା)	୫	୪୪
୪୨୧	ବୋଡ଼େନ	ନୂଆପଡ଼ା	ବୋଡ଼େନ	ବୋଡ଼େନ	ଏସଟି	୫	୪୪
୪୨୨	ବଲାଙ୍ଗୀର	ବଲାଙ୍ଗୀର	ବଲାଙ୍ଗୀର	ବଲାଙ୍ଗୀର	ଓସି	୫	୪୪
୪୨୩	ପାଟଣାଗଡ଼	ବଲାଙ୍ଗୀର	ପାଟଣାଗଡ଼	ପାଟଣାଗଡ଼	ଓସି	୫	୪୪
୪୨୪	ଟିଟିଲାଗଡ଼	ବଲାଙ୍ଗୀର	ଟିଟିଲାଗଡ଼	ଟିଟିଲାଗଡ଼	ଏସସି	୫	୪୪
୪୨୫	କାଣ୍ଟାବାଞ୍ଜି	ବଲାଙ୍ଗୀର	କାଣ୍ଟାବାଞ୍ଜି	କାଣ୍ଟାବାଞ୍ଜି	ଓସି (ମହିଳା)	୫	୪୪
୪୨୬	ସୈନ୍ତଳା	ବଲାଙ୍ଗୀର	ସୈନ୍ତଳା	ସୈନ୍ତଳା	ଓସି	୫	୪୪
୪୨୭	ବେଲପଡ଼ା	ବଲାଙ୍ଗୀର	ବେଲପଡ଼ା	ବେଲପଡ଼ା	ଏସଟି	୫	୪୪
୪୨୮	ତୁରେକେଲା	ବଲାଙ୍ଗୀର	ତୁରେକେଲା	ତୁରେକେଲା	ଏସଟି	୫	୪୪
୪୨୯	ଲୋଇସିଂହା	ବଲାଙ୍ଗୀର	ଲୋଇସିଂହା	ଲୋଇସିଂହା	ଓସି	୫	୪୪
୪୩୦	ଦେଓଗାଁ	ବଲାଙ୍ଗୀର	ଦେଓଗାଁ	ଦେଓଗାଁ	ଓସି (ମହିଳା)	୫	୪୪
୪୩୧	ଅଗଲପୁର	ବଲାଙ୍ଗୀର	ଅଗଲପୁର	ଅଗଲପୁର	ଏସସି	୫	୪୪
୪୩୨	ପୁଇଁତଳା	ବଲାଙ୍ଗୀର	ପୁଇଁତଳା	ପୁଇଁତଳା	ଓସି	୫	୪୪
୪୩୩	ସୋନପୁର	ସୁବର୍ଣ୍ଣପୁର	ସୋନପୁର	ସୋନପୁର	ଓସି	୫	୪୪
୪୩୪	ବିନିକା	ସୁବର୍ଣ୍ଣପୁର	ବିନିକା	ବିନିକା	ଏସସି	୫	୪୪
୪୩୫	ଡୁଙ୍ଗୁରିପାଲି	ସୁବର୍ଣ୍ଣପୁର	ଡୁଙ୍ଗୁରିପାଲି	ଡୁଙ୍ଗୁରିପାଲି	ଓସି (ମହିଳା)	୫	୪୪
୪୩୬	ତାରଭା	ସୁବର୍ଣ୍ଣପୁର	ତାରଭା	ତାରଭା	ଓସି	୫	୪୪
୪୩୭	ଉଲୁଣ୍ଡା	ସୁବର୍ଣ୍ଣପୁର	ଉଲୁଣ୍ଡା	ଉଲୁଣ୍ଡା	ଓସି	୫	୪୪
୪୩୮	ବୀରମହାରାଜପୁର	ସୁବର୍ଣ୍ଣପୁର	ବୀରମହାରାଜପୁର	ବୀରମହାରାଜପୁର	ଏସସି	୫	୪୪
୪୩୯	କୋରାପୁଟ	କୋରାପୁଟ	କୋରାପୁଟ	କୋରାପୁଟ	ଓସି	୫	୪୪
୪୪୦	ଜୟପୁର	କୋରାପୁଟ	ଜୟପୁର	ଜୟପୁର	ଓସି (ମହିଳା)	୫	୪୪
୪୪୧	ସୁନାବେଡ଼ା	କୋରାପୁଟ	ସୁନାବେଡ଼ା	ସୁନାବେଡ଼ା	ଓସି	୫	୪୪
୪୪୨	ଦମନଯୋଡ଼ି	କୋରାପୁଟ	ଦମନଯୋଡ଼ି	ଦମନଯୋଡ଼ି	ଏସଟି	୫	୪୪
୪୪୩	ବୋରିଗୁମ୍ମା	କୋରାପୁଟ	ବୋରିଗୁମ୍ମା	ବୋରିଗୁମ୍ମା	ଏସଟି	୫	୪୪
୪୪୪	କୋଟପାଡ଼	କୋରାପୁଟ	କୋଟପାଡ଼	କୋଟପାଡ଼	ଓସି	୫	୪୪
୪୪୫	ଲକ୍ଷ୍ମୀପୁର	କୋରାପୁଟ	ଲକ୍ଷ୍ମୀପୁର	ଲକ୍ଷ୍ମୀପୁର	ଏସଟି	୫	୪୪
୪୪୬	ନାରାୟଣପାଟଣା	କୋରାପୁଟ	ନାରାୟଣପାଟଣା	ନାରାୟଣପାଟଣା	ଏସଟି	୫	୪୪
୪୪୭	ପୋଟାଙ୍ଗି	କୋରାପୁଟ	ପୋଟାଙ୍ଗି	ପୋଟାଙ୍ଗି	ଓସି (ମହିଳା)	୫	୪୪
୪୪୮	ସେମିଳିଗୁଡ଼ା	କୋରାପୁଟ	ସେମିଳିଗୁଡ଼ା	ସେମିଳିଗୁଡ଼ା	ଏସଟି	୫	୪୪
୪୪୯	ମାଲକାନଗିରି	ମାଲକାନଗିରି	ମାଲକାନଗିରି	ମାଲକାନଗିରି	ଓସି	୫	୪୪
୪୫୦	ଚିତ୍ରକୋଣ୍ଡା	ମାଲକାନଗିରି	ଚିତ୍ରକୋଣ୍ଡା	ଚିତ୍ରକୋଣ୍ଡା	ଏସଟି	୫	୪୪
୪୫୧	ମାଥିଲି	ମାଲକାନଗିରି	ମାଥିଲି	ମାଥିଲି	ଏସଟି	୫	୪୪
୪୫୨	କାଳିମେଳା	ମାଲକାନଗିରି	କାଳିମେଳା	କାଳିମେଳା	ଓସି (ମହିଳା)	୫	୪୪
୪୫୩	ନବରଙ୍ଗପୁର	ନବରଙ୍ଗପୁର	ନବରଙ୍ଗପୁର	ନବରଙ୍ଗପୁର	ଓସି	୫	୪୪
୪୫୪	ଉମରକୋଟ	ନବରଙ୍ଗପୁର	ଉମରକୋଟ	ଉମରକୋଟ	ଏସଟି	୫	୪୪
୪୫୫	ପାପଡ଼ାହାଣ୍ଡି	ନବରଙ୍ଗପୁର	ପାପଡ଼ାହାଣ୍ଡି	ପାପଡ଼ାହାଣ୍ଡି	ଓସି	୫	୪୪
୪୫୬	ଡାବୁଗାଁ	ନବରଙ୍ଗପୁର	ଡାବୁଗାଁ	ଡାବୁଗାଁ	ଏସଟି	୫	୪୪
୪୫୭	ରାୟଗଡ଼ା	ରାୟଗଡ଼ା	ରାୟଗଡ଼ା	ରାୟଗଡ଼ା	ଓସି (ମହିଳା)	୫	୪୪
୪୫୮	ଗୁଣୁପୁର	ରାୟଗଡ଼ା	ଗୁଣୁପୁର	ଗୁଣୁପୁର	ଓସି	୫	୪୪
୪୫୯	ବିଷମକଟକ	ରାୟଗଡ଼ା	ବିଷମକଟକ	ବିଷମକଟକ	ଏସଟି	୫	୪୪
୪୬୦	ମୁନିଗୁଡ଼ା	ରାୟଗଡ଼ା	ମୁନିଗୁଡ଼ା	ମୁନିଗୁଡ଼ା	ଏସଟି	୫	୪୪
୪୬୧	କଲ୍ୟାଣସିଂହପୁର	ରାୟଗଡ଼ା	କଲ୍ୟାଣସିଂହପୁର	କଲ୍ୟାଣସିଂହପୁର	ଓସି	୫	୪୪
୪୬୨	କାଶୀପୁର	ରାୟଗଡ଼ା	କାଶୀପୁର	କାଶୀପୁର	ଏସଟି	୫	୪୪
୪୬୩	ପଦ୍ମପୁର (ରାୟଗଡ଼ା)	ରାୟଗଡ଼ା	ପଦ୍ମପୁର	ପଦ୍ମପୁର	ଓସି (ମହିଳା)	୫	୪୪
୪୬୪	ଗୁଡ଼ାରୀ	ରାୟଗଡ଼ା	ଗୁଡ଼ାରୀ	ଗୁଡ଼ାରୀ	ଏସସି	୫	୪୪
୪୬୫	କୋଲନରା	ରାୟଗଡ଼ା	କୋଲନରା	କୋଲନରା	ଓସି	୫	୪୪
୪୬୬	ରାମନଗୁଡ଼ା	ରାୟଗଡ଼ା	ରାମନଗୁଡ଼ା	ରାମନଗୁଡ଼ା	ଏସଟି	୫	୪୪
୪୬୭	ଚନ୍ଦ୍ରପୁର	ରାୟଗଡ଼ା	ଚନ୍ଦ୍ରପୁର	ଚନ୍ଦ୍ରପୁର	ଓସି	୫	୪୪
୪୬୮	ଜେ.କେ.ପୁର	ରାୟଗଡ଼ା	ଜେ.କେ.ପୁର	ଜେ.କେ.ପୁର	ଓସି	୫	୪୪
୪୬୯	ଥେରୁବାଲି	ରାୟଗଡ଼ା	ଥେରୁବାଲି	ଥେରୁବାଲି	ଓସି (ମହିଳା)	୫	୪୪
୪୭୦	ଅମ୍ବାଦଳା	ରାୟଗଡ଼ା	ଅମ୍ବାଦଳା	ଅମ୍ବାଦଳା	ଏସଟି	୫	୪୪
୪୭୧	ଦୁରୁଗୁଡ଼ା	ରାୟଗଡ଼ା	ଦୁରୁଗୁଡ଼ା	ଦୁରୁଗୁଡ଼ା	ଓସି	୫	୪୪
୪୭୨	ଶିକରପାଇ	ରାୟଗଡ଼ା	ଶିକରପାଇ	ଶିକରପାଇ	ଏସଟି	୫	୪୪
୪୭୩	ଗୋରଖପୁର	ରାୟଗଡ଼ା	ଗୋରଖପୁର	ଗୋରଖପୁର	ଓସି	୫	୪୪
୪୭୪	ମେଣ୍ଡାଲି	ରାୟଗଡ଼ା	ମେଣ୍ଡାଲି	ମେଣ୍ଡାଲି	ଓସି	୫	୪୪
୪୭୫	ଲକ୍ଷ୍ମୀପୁର (ରାୟଗଡ଼ା)	ରାୟଗଡ଼ା	ଲକ୍ଷ୍ମୀପୁର	ଲକ୍ଷ୍ମୀପୁର	ଓସି (ମହିଳା)	୫	୪୪
ସାଧାରଣ:
ଯୋଗ୍ୟତା ମାନ :
www.iocl.com
ବୟସ:
ସଂରକ୍ଷିତ ବର୍ଗ / ଉପବର୍ଗ:
ଶାରୀରିକ ଭିନ୍ନକ୍ଷମ ବର୍ଗ (ପିଏଚ):
ପ୍ରାର୍ଥିଙ୍କ ଯୋଗ୍ୟତା ବର୍ଗ (ପିଏଚ):
ଅନ୍ତରୀଣ ଡିଲରଶିପ୍ ପାଇଁ ପ୍ରାର୍ଥିତ ଜରୁରୀ ଦସ୍ତାବିଜ (ଏସସି/ଏସଟି):
ଅଭିଜ୍ଞତା ସ୍ତର ଫେରାଇବା ପାଇଁ ଯୋଗ୍ୟତା:
ମୂଲ୍ୟାଙ୍କନ ଗୋଷ୍ଠୀ (ଏସ.ଏସ.):
ଅନୁଷଙ୍ଗୀ ସୂଚନା:
ଅପନୟନ:
ସାଧାରଣ ସର୍ତ୍ତାବଳୀ:
ମୂଲ୍ୟାଙ୍କନ ପଦ୍ଧତି:
	ମୂଲ୍ୟାଙ୍କନ ମାନଦଣ୍ଡ	ସର୍ବାଧିକ ନମ୍ବର	ଆନ୍ତରିକ ନମ୍ବର
କ)	ଜମି / ସଂରକ୍ଷିତ ସ୍ଥାନ ବାବଦରେ ଉପଲବ୍ଧତା	୩୫ ନମ୍ବର	୩୫ ନମ୍ବର
ଖ)	ଆର୍ଥିକ କ୍ଷମତା (ପୁଞ୍ଜି ସୃଷ୍ଟି)	୩୦ ନମ୍ବର	୩୦ ନମ୍ବର
ଗ)	ଶିକ୍ଷାଗତ ଯୋଗ୍ୟତା	୧୫ ନମ୍ବର	୦ ନମ୍ବର
ଘ)	ଅଭିଜ୍ଞତା	୫ ନମ୍ବର	୦ ନମ୍ବର
ଙ)	ବୟସ	୫ ନମ୍ବର	୫ ନମ୍ବର
ଚ)	ସାକ୍ଷାତକାର	୫ ନମ୍ବର	୫ ନମ୍ବର
ଛ)	ବ୍ୟକ୍ତିତ୍ୱ	୫ ନମ୍ବର	୫ ନମ୍ବର
	ମୋଟ ନମ୍ବର	୧୦୦ ନମ୍ବର	୮୦ ନମ୍ବର
ଟିପ୍ପଣୀ:
ସାମାନ୍ୟ ତଥ୍ୟ (ନେଇ ପର୍ଯ୍ୟାୟ):
ପରବର୍ତ୍ତୀ ପୃଷ୍ଠା ଦେଖନ୍ତୁ
